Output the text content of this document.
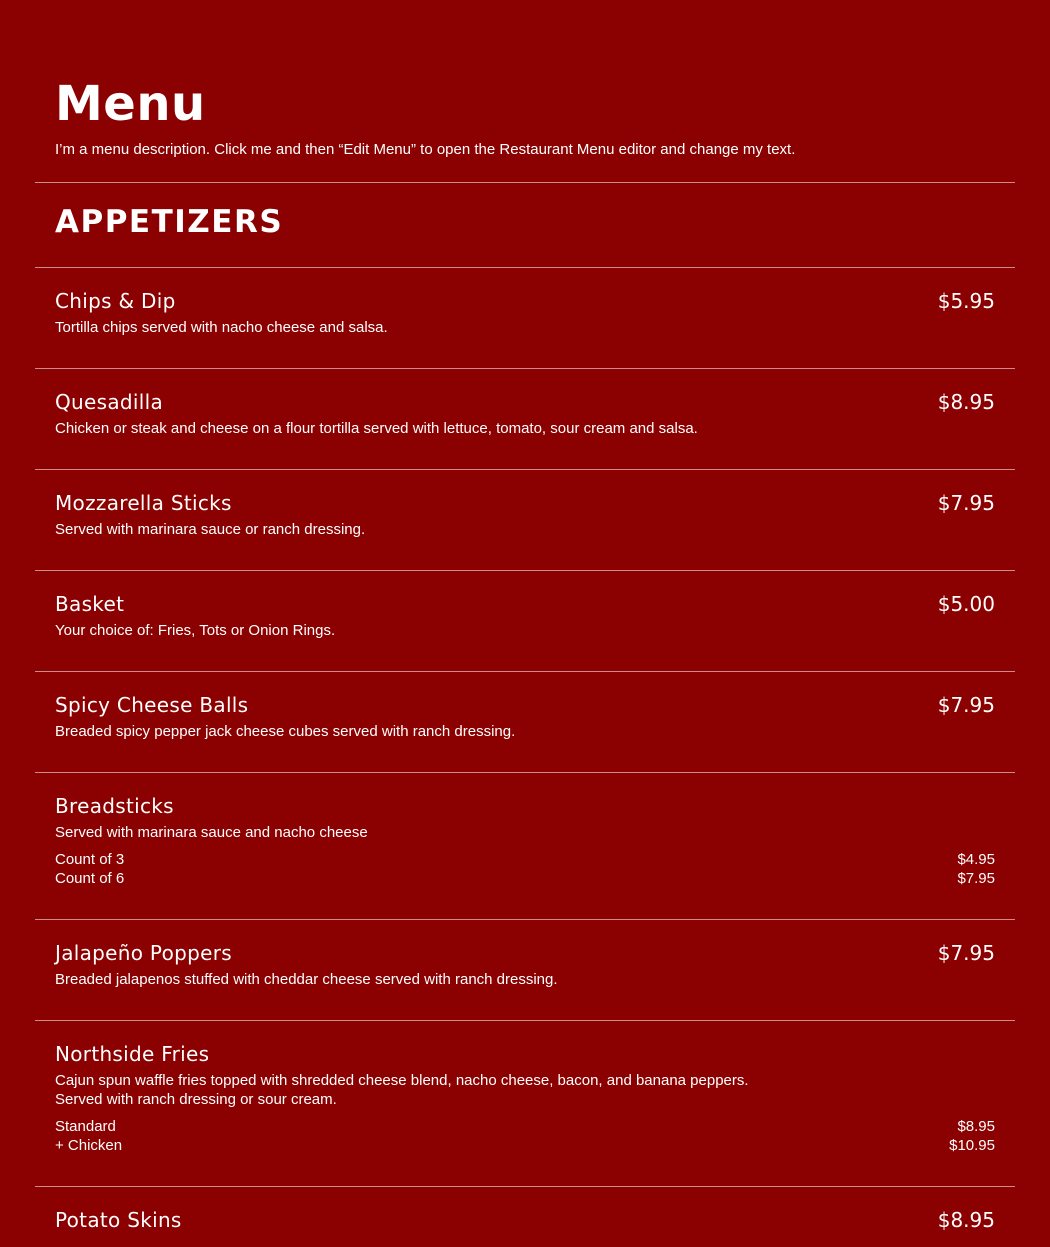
Menu

I’m a menu description. Click me and then “Edit Menu” to open the Restaurant Menu editor and change my text.

APPETIZERS
Chips & Dip	$5.95
Tortilla chips served with nacho cheese and salsa.
Quesadilla	$8.95
Chicken or steak and cheese on a flour tortilla served with lettuce, tomato, sour cream and salsa.
Mozzarella Sticks	$7.95
Served with marinara sauce or ranch dressing.
Basket	$5.00
Your choice of: Fries, Tots or Onion Rings.
Spicy Cheese Balls	$7.95
Breaded spicy pepper jack cheese cubes served with ranch dressing.
Breadsticks
Served with marinara sauce and nacho cheese
Count of 3	$4.95
Count of 6	$7.95
Jalapeño Poppers	$7.95
Breaded jalapenos stuffed with cheddar cheese served with ranch dressing.
Northside Fries
Cajun spun waffle fries topped with shredded cheese blend, nacho cheese, bacon, and banana peppers.
Served with ranch dressing or sour cream.
Standard	$8.95
+ Chicken	$10.95
Potato Skins	$8.95
